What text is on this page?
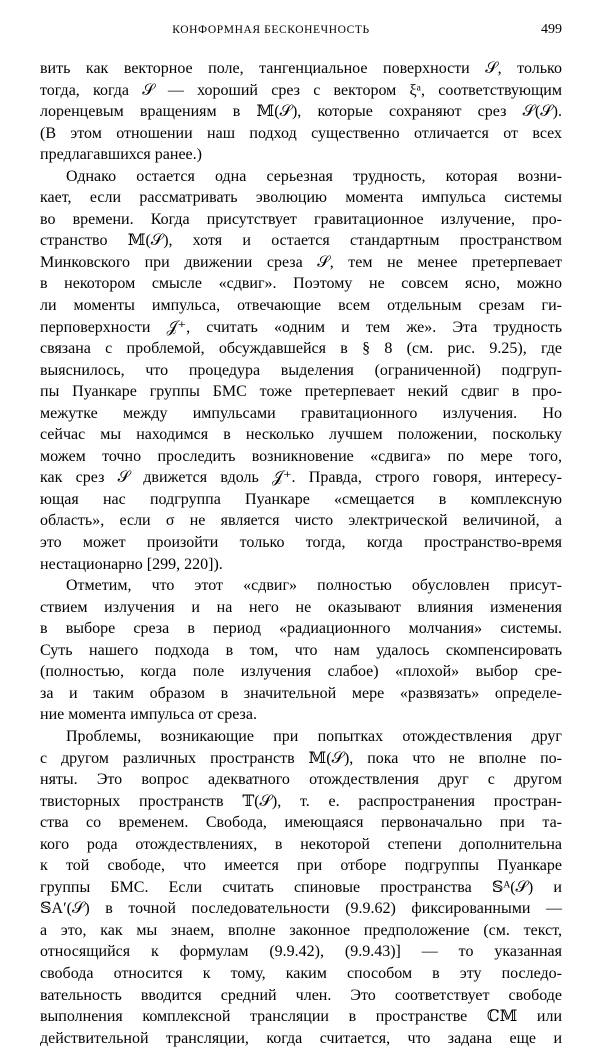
КОНФОРМНАЯ БЕСКОНЕЧНОСТЬ	499

вить как векторное поле, тангенциальное поверхности 𝒮, только
тогда, когда 𝒮 — хороший срез с вектором ξᵃ, соответствующим
лоренцевым вращениям в 𝕄(𝒮), которые сохраняют срез 𝒮(𝒮).
(В этом отношении наш подход существенно отличается от всех
предлагавшихся ранее.)

Однако остается одна серьезная трудность, которая возни-
кает, если рассматривать эволюцию момента импульса системы
во времени. Когда присутствует гравитационное излучение, про-
странство 𝕄(𝒮), хотя и остается стандартным пространством
Минковского при движении среза 𝒮, тем не менее претерпевает
в некотором смысле «сдвиг». Поэтому не совсем ясно, можно
ли моменты импульса, отвечающие всем отдельным срезам ги-
перповерхности 𝒥⁺, считать «одним и тем же». Эта трудность
связана с проблемой, обсуждавшейся в § 8 (см. рис. 9.25), где
выяснилось, что процедура выделения (ограниченной) подгруп-
пы Пуанкаре группы БМС тоже претерпевает некий сдвиг в про-
межутке между импульсами гравитационного излучения. Но
сейчас мы находимся в несколько лучшем положении, поскольку
можем точно проследить возникновение «сдвига» по мере того,
как срез 𝒮 движется вдоль 𝒥⁺. Правда, строго говоря, интересу-
ющая нас подгруппа Пуанкаре «смещается в комплексную
область», если σ не является чисто электрической величиной, а
это может произойти только тогда, когда пространство-время
нестационарно [299, 220]).

Отметим, что этот «сдвиг» полностью обусловлен присут-
ствием излучения и на него не оказывают влияния изменения
в выборе среза в период «радиационного молчания» системы.
Суть нашего подхода в том, что нам удалось скомпенсировать
(полностью, когда поле излучения слабое) «плохой» выбор сре-
за и таким образом в значительной мере «развязать» определе-
ние момента импульса от среза.

Проблемы, возникающие при попытках отождествления друг
с другом различных пространств 𝕄(𝒮), пока что не вполне по-
няты. Это вопрос адекватного отождествления друг с другом
твисторных пространств 𝕋(𝒮), т. е. распространения простран-
ства со временем. Свобода, имеющаяся первоначально при та-
кого рода отождествлениях, в некоторой степени дополнительна
к той свободе, что имеется при отборе подгруппы Пуанкаре
группы БМС. Если считать спиновые пространства 𝕊ᴬ(𝒮) и
𝕊A′(𝒮) в точной последовательности (9.9.62) фиксированными —
а это, как мы знаем, вполне законное предположение (см. текст,
относящийся к формулам (9.9.42), (9.9.43)] — то указанная
свобода относится к тому, каким способом в эту последо-
вательность вводится средний член. Это соответствует свободе
выполнения комплексной трансляции в пространстве ℂ𝕄 или
действительной трансляции, когда считается, что задана еще и
